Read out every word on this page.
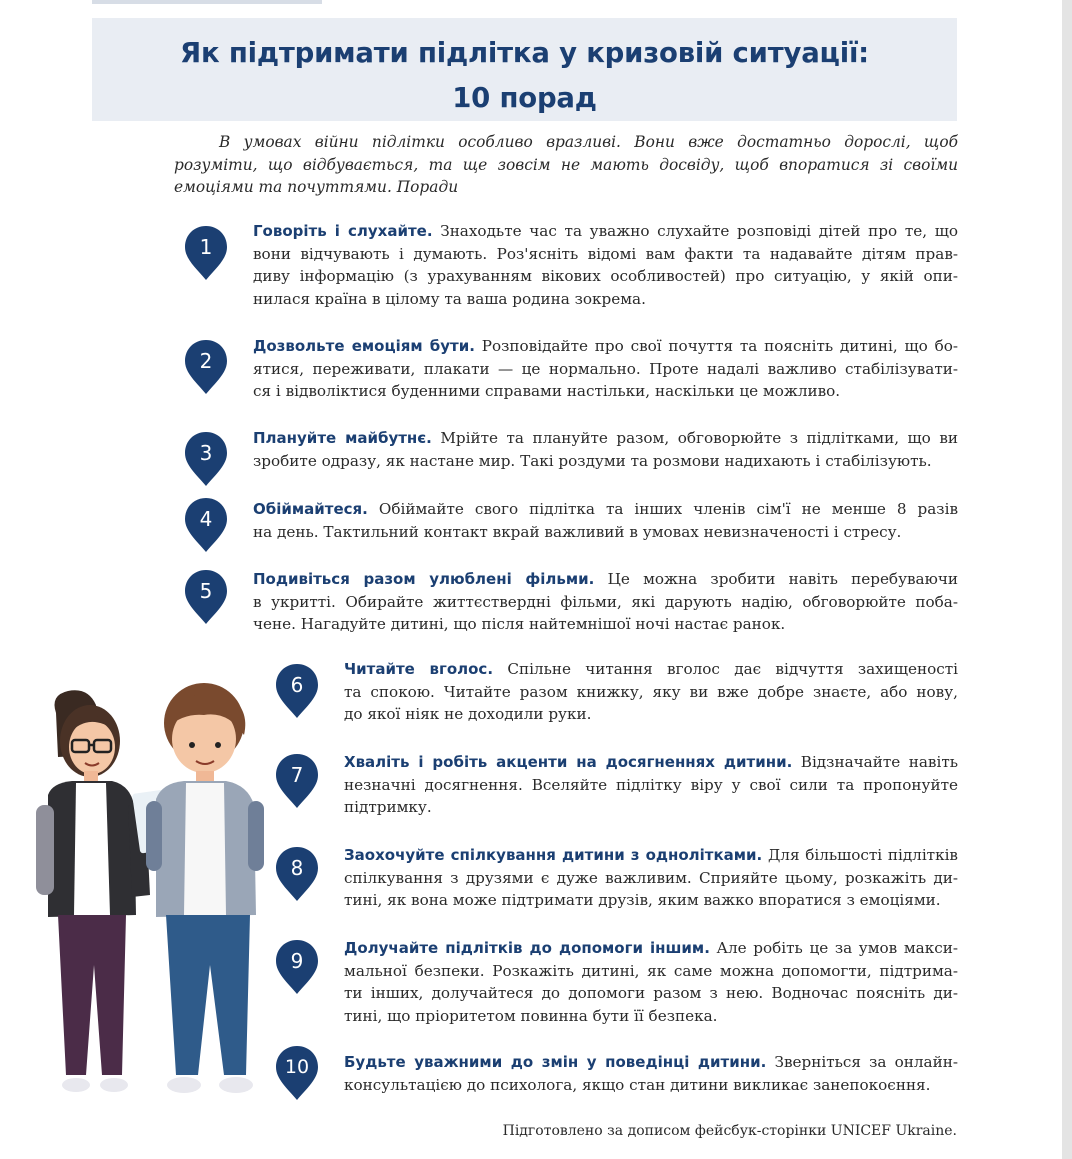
Як підтримати підлітка у кризовій ситуації:
10 порад
В умовах війни підлітки особливо вразливі. Вони вже достатньо дорослі, щоб розуміти, що відбувається, та ще зовсім не мають досвіду, щоб впоратися зі своїми емоціями та почуттями. Поради
1
Говоріть і слухайте. Знаходьте час та уважно слухайте розповіді дітей про те, що
вони відчувають і думають. Роз'ясніть відомі вам факти та надавайте дітям прав-
диву інформацію (з урахуванням вікових особливостей) про ситуацію, у якій опи-
нилася країна в цілому та ваша родина зокрема.
2
Дозвольте емоціям бути. Розповідайте про свої почуття та поясніть дитині, що бо-
ятися, переживати, плакати — це нормально. Проте надалі важливо стабілізувати-
ся і відволіктися буденними справами настільки, наскільки це можливо.
3
Плануйте майбутнє. Мрійте та плануйте разом, обговорюйте з підлітками, що ви
зробите одразу, як настане мир. Такі роздуми та розмови надихають і стабілізують.
4	Обіймайтеся. Обіймайте свого підлітка та інших членів сім'ї не менше 8 разів
на день. Тактильний контакт вкрай важливий в умовах невизначеності і стресу.
5	Подивіться разом улюблені фільми. Це можна зробити навіть перебуваючи
в укритті. Обирайте життєствердні фільми, які дарують надію, обговорюйте поба-
чене. Нагадуйте дитині, що після найтемнішої ночі настає ранок.
6
Читайте вголос. Спільне читання вголос дає відчуття захищеності
та спокою. Читайте разом книжку, яку ви вже добре знаєте, або нову,
до якої ніяк не доходили руки.
7
Хваліть і робіть акценти на досягненнях дитини. Відзначайте навіть
незначні досягнення. Вселяйте підлітку віру у свої сили та пропонуйте
підтримку.
8
Заохочуйте спілкування дитини з однолітками. Для більшості підлітків
спілкування з друзями є дуже важливим. Сприяйте цьому, розкажіть ди-
тині, як вона може підтримати друзів, яким важко впоратися з емоціями.
9
Долучайте підлітків до допомоги іншим. Але робіть це за умов макси-
мальної безпеки. Розкажіть дитині, як саме можна допомогти, підтрима-
ти інших, долучайтеся до допомоги разом з нею. Водночас поясніть ди-
тині, що пріоритетом повинна бути її безпека.
10	Будьте уважними до змін у поведінці дитини. Зверніться за онлайн-
консультацією до психолога, якщо стан дитини викликає занепокоєння.
Підготовлено за дописом фейсбук-сторінки UNICEF Ukraine.
